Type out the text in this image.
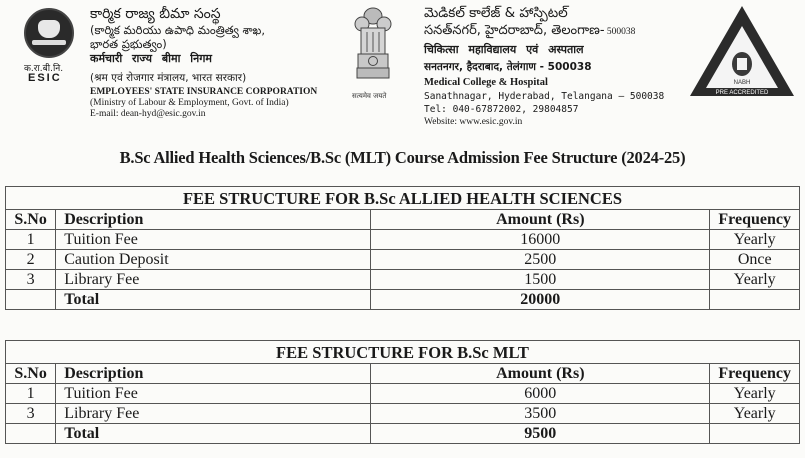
क.रा.बी.नि.
ESIC
కార్మిక రాజ్య బీమా సంస్థ
(కార్మిక మరియు ఉపాధి మంత్రిత్వ శాఖ,
భారత ప్రభుత్వం)
कर्मचारी राज्य बीमा निगम
(श्रम एवं रोजगार मंत्रालय, भारत सरकार)
EMPLOYEES' STATE INSURANCE CORPORATION
(Ministry of Labour & Employment, Govt. of India)
E-mail: dean-hyd@esic.gov.in
सत्यमेव जयते
మెడికల్ కాలేజ్ & హాస్పిటల్
సనత్‌నగర్, హైదరాబాద్, తెలంగాణ- 500038
चिकित्सा महाविद्यालय एवं अस्पताल
सनतनगर, हैदराबाद, तेलंगाण - 500038
Medical College & Hospital
Sanathnagar, Hyderabad, Telangana – 500038
Tel: 040-67872002, 29804857
Website: www.esic.gov.in
NABH
PRE ACCREDITED
B.Sc Allied Health Sciences/B.Sc (MLT) Course Admission Fee Structure (2024-25)
FEE STRUCTURE FOR B.Sc ALLIED HEALTH SCIENCES			
S.No	Description	Amount (Rs)	Frequency
1	Tuition Fee	16000	Yearly
2	Caution Deposit	2500	Once
3	Library Fee	1500	Yearly
	Total	20000	
FEE STRUCTURE FOR B.Sc MLT			
S.No	Description	Amount (Rs)	Frequency
1	Tuition Fee	6000	Yearly
3	Library Fee	3500	Yearly
	Total	9500	
